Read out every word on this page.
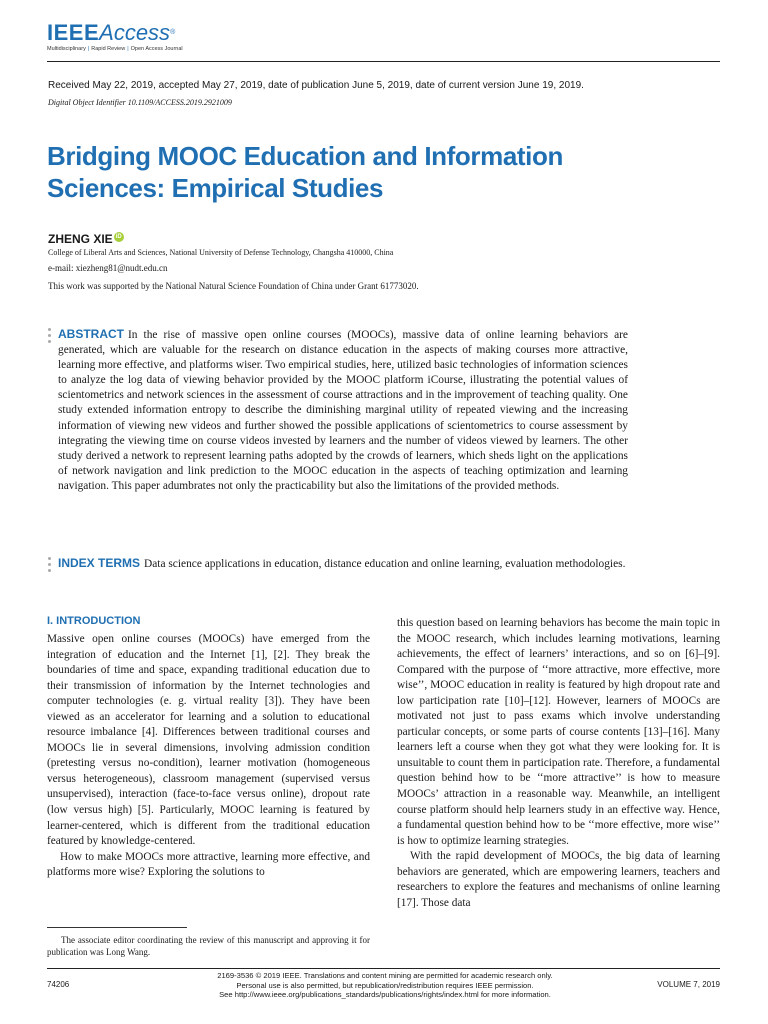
IEEEAccess®
Multidisciplinary | Rapid Review | Open Access Journal
Received May 22, 2019, accepted May 27, 2019, date of publication June 5, 2019, date of current version June 19, 2019.
Digital Object Identifier 10.1109/ACCESS.2019.2921009
Bridging MOOC Education and Information
Sciences: Empirical Studies
ZHENG XIE iD
College of Liberal Arts and Sciences, National University of Defense Technology, Changsha 410000, China
e-mail: xiezheng81@nudt.edu.cn
This work was supported by the National Natural Science Foundation of China under Grant 61773020.
ABSTRACT In the rise of massive open online courses (MOOCs), massive data of online learning behaviors are generated, which are valuable for the research on distance education in the aspects of making courses more attractive, learning more effective, and platforms wiser. Two empirical studies, here, utilized basic technologies of information sciences to analyze the log data of viewing behavior provided by the MOOC platform iCourse, illustrating the potential values of scientometrics and network sciences in the assessment of course attractions and in the improvement of teaching quality. One study extended information entropy to describe the diminishing marginal utility of repeated viewing and the increasing information of viewing new videos and further showed the possible applications of scientometrics to course assessment by integrating the viewing time on course videos invested by learners and the number of videos viewed by learners. The other study derived a network to represent learning paths adopted by the crowds of learners, which sheds light on the applications of network navigation and link prediction to the MOOC education in the aspects of teaching optimization and learning navigation. This paper adumbrates not only the practicability but also the limitations of the provided methods.
INDEX TERMS Data science applications in education, distance education and online learning, evaluation methodologies.
I. INTRODUCTION

Massive open online courses (MOOCs) have emerged from the integration of education and the Internet [1], [2]. They break the boundaries of time and space, expanding traditional education due to their transmission of information by the Internet technologies and computer technologies (e. g. virtual reality [3]). They have been viewed as an accelerator for learning and a solution to educational resource imbalance [4]. Differences between traditional courses and MOOCs lie in several dimensions, involving admission condition (pretesting versus no-condition), learner motivation (homogeneous versus heterogeneous), classroom management (supervised versus unsupervised), interaction (face-to-face versus online), dropout rate (low versus high) [5]. Particularly, MOOC learning is featured by learner-centered, which is different from the traditional education featured by knowledge-centered.

How to make MOOCs more attractive, learning more effective, and platforms more wise? Exploring the solutions to

this question based on learning behaviors has become the main topic in the MOOC research, which includes learning motivations, learning achievements, the effect of learners’ interactions, and so on [6]–[9]. Compared with the purpose of ‘‘more attractive, more effective, more wise’’, MOOC education in reality is featured by high dropout rate and low participation rate [10]–[12]. However, learners of MOOCs are motivated not just to pass exams which involve understanding particular concepts, or some parts of course contents [13]–[16]. Many learners left a course when they got what they were looking for. It is unsuitable to count them in participation rate. Therefore, a fundamental question behind how to be ‘‘more attractive’’ is how to measure MOOCs’ attraction in a reasonable way. Meanwhile, an intelligent course platform should help learners study in an effective way. Hence, a fundamental question behind how to be ‘‘more effective, more wise’’ is how to optimize learning strategies.

With the rapid development of MOOCs, the big data of learning behaviors are generated, which are empowering learners, teachers and researchers to explore the features and mechanisms of online learning [17]. Those data

The associate editor coordinating the review of this manuscript and approving it for publication was Long Wang.
74206
2169-3536 © 2019 IEEE. Translations and content mining are permitted for academic research only.
Personal use is also permitted, but republication/redistribution requires IEEE permission.
See http://www.ieee.org/publications_standards/publications/rights/index.html for more information.
VOLUME 7, 2019
